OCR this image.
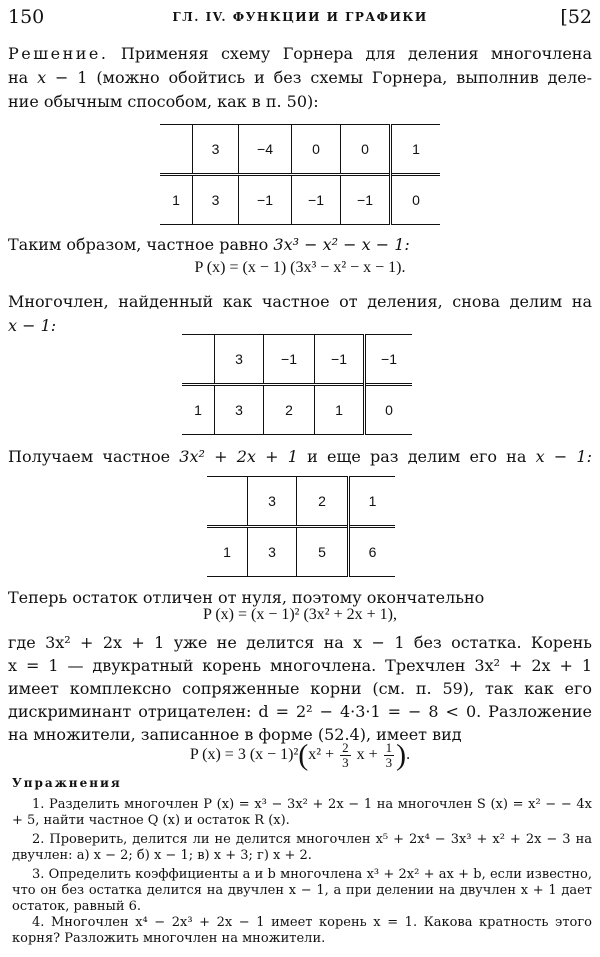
150	ГЛ. IV. ФУНКЦИИ И ГРАФИКИ	[52
Решение. Применяя схему Горнера для деления многочлена
на x − 1 (можно обойтись и без схемы Горнера, выполнив деле-
ние обычным способом, как в п. 50):
	3	−4	0	0	1
1	3	−1	−1	−1	0
Таким образом, частное равно 3x³ − x² − x − 1:
P (x) = (x − 1) (3x³ − x² − x − 1).
Многочлен, найденный как частное от деления, снова делим на
x − 1:
	3	−1	−1	−1
1	3	2	1	0
Получаем частное 3x² + 2x + 1 и еще раз делим его на x − 1:
	3	2	1
1	3	5	6
Теперь остаток отличен от нуля, поэтому окончательно
P (x) = (x − 1)² (3x² + 2x + 1),
где 3x² + 2x + 1 уже не делится на x − 1 без остатка. Корень
x = 1 — двукратный корень многочлена. Трехчлен 3x² + 2x + 1
имеет комплексно сопряженные корни (см. п. 59), так как его
дискриминант отрицателен: d = 2² − 4·3·1 = − 8 < 0. Разложение
на множители, записанное в форме (52.4), имеет вид
P (x) = 3 $(x - 1)^2(x^2 + \frac{2}{3}$ $x + \frac{1}{3}$ ).
Упражнения
1. Разделить многочлен P (x) = x³ − 3x² + 2x − 1 на многочлен S (x) = x² − − 4x + 5, найти частное Q (x) и остаток R (x).
2. Проверить, делится ли не делится многочлен x⁵ + 2x⁴ − 3x³ + x² + 2x − 3 на двучлен: а) x − 2; б) x − 1; в) x + 3; г) x + 2.
3. Определить коэффициенты a и b многочлена x³ + 2x² + ax + b, если известно, что он без остатка делится на двучлен x − 1, а при делении на двучлен x + 1 дает остаток, равный 6.
4. Многочлен x⁴ − 2x³ + 2x − 1 имеет корень x = 1. Какова кратность этого корня? Разложить многочлен на множители.
